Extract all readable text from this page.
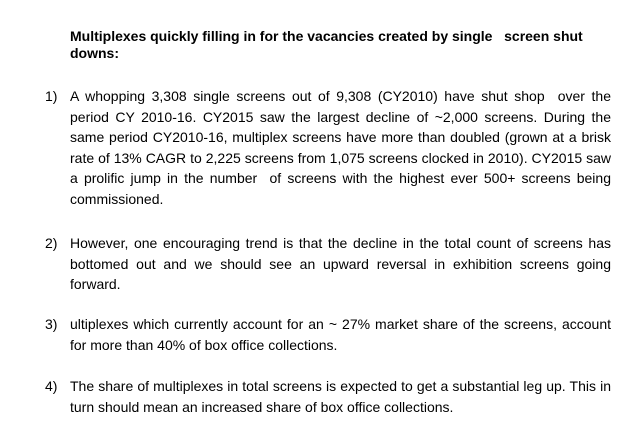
Multiplexes quickly filling in for the vacancies created by single   screen shut   downs:
1) A whopping 3,308 single screens out of 9,308 (CY2010) have shut shop  over the period CY 2010-16. CY2015 saw the largest decline of ~2,000 screens. During the same period CY2010-16, multiplex screens have more than doubled (grown at a brisk rate of 13% CAGR to 2,225 screens from 1,075 screens clocked in 2010). CY2015 saw a prolific jump in the number  of screens with the highest ever 500+ screens being commissioned.
2) However, one encouraging trend is that the decline in the total count of screens has bottomed out and we should see an upward reversal in exhibition screens going forward.
3) ultiplexes which currently account for an ~ 27% market share of the screens, account for more than 40% of box office collections.
4) The share of multiplexes in total screens is expected to get a substantial leg up. This in turn should mean an increased share of box office collections.
